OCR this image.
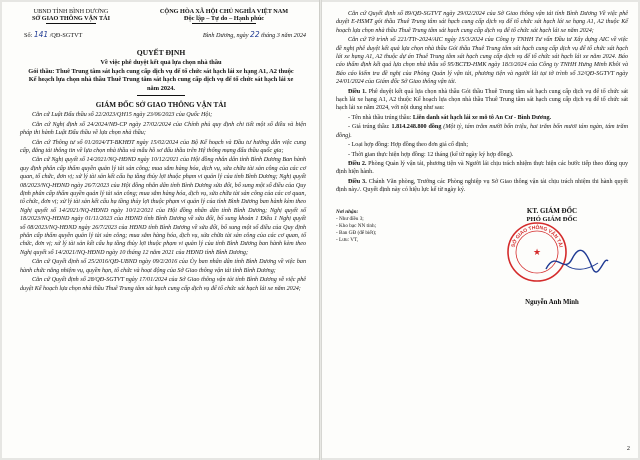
UBND TỈNH BÌNH DƯƠNG
SỞ GIAO THÔNG VẬN TẢI
CỘNG HÒA XÃ HỘI CHỦ NGHĨA VIỆT NAM
Độc lập – Tự do – Hạnh phúc
Số: 141 /QĐ-SGTVT	Bình Dương, ngày 22 tháng 3 năm 2024
QUYẾT ĐỊNH
Về việc phê duyệt kết quả lựa chọn nhà thầu
Gói thầu: Thuê Trung tâm sát hạch cung cấp dịch vụ để tổ chức sát hạch lái xe hạng A1, A2 thuộc Kế hoạch lựa chọn nhà thầu Thuê Trung tâm sát hạch cung cấp dịch vụ để tổ chức sát hạch lái xe năm 2024.
GIÁM ĐỐC SỞ GIAO THÔNG VẬN TẢI

Căn cứ Luật Đấu thầu số 22/2023/QH15 ngày 23/06/2023 của Quốc Hội;

Căn cứ Nghị định số 24/2024/NĐ-CP ngày 27/02/2024 của Chính phủ quy định chi tiết một số điều và biện pháp thi hành Luật Đấu thầu về lựa chọn nhà thầu;

Căn cứ Thông tư số 01/2024/TT-BKHĐT ngày 15/02/2024 của Bộ Kế hoạch và Đầu tư hướng dẫn việc cung cấp, đăng tải thông tin về lựa chọn nhà thầu và mẫu hồ sơ đấu thầu trên Hệ thống mạng đấu thầu quốc gia;

Căn cứ Nghị quyết số 14/2021/NQ-HĐND ngày 10/12/2021 của Hội đồng nhân dân tỉnh Bình Dương Ban hành quy định phân cấp thẩm quyền quản lý tài sản công; mua sắm hàng hóa, dịch vụ, sửa chữa tài sản công của các cơ quan, tổ chức, đơn vị; xử lý tài sản kết cấu hạ tầng thủy lợi thuộc phạm vi quản lý của tỉnh Bình Dương; Nghị quyết 08/2023/NQ-HĐND ngày 26/7/2023 của Hội đồng nhân dân tỉnh Bình Dương sửa đổi, bổ sung một số điều của Quy định phân cấp thẩm quyền quản lý tài sản công; mua sắm hàng hóa, dịch vụ, sửa chữa tài sản công của các cơ quan, tổ chức, đơn vị; xử lý tài sản kết cấu hạ tầng thủy lợi thuộc phạm vi quản lý của tỉnh Bình Dương ban hành kèm theo Nghị quyết số 14/2021/NQ-HĐND ngày 10/12/2021 của Hội đồng nhân dân tỉnh Bình Dương; Nghị quyết số 18/2023/NQ-HĐND ngày 01/11/2023 của HĐND tỉnh Bình Dương về sửa đổi, bổ sung khoản 1 Điều 1 Nghị quyết số 08/2023/NQ-HĐND ngày 26/7/2023 của HĐND tỉnh Bình Dương về sửa đổi, bổ sung một số điều của Quy định phân cấp thẩm quyền quản lý tài sản công; mua sắm hàng hóa, dịch vụ, sửa chữa tài sản công của các cơ quan, tổ chức, đơn vị; xử lý tài sản kết cấu hạ tầng thủy lợi thuộc phạm vi quản lý của tỉnh Bình Dương ban hành kèm theo Nghị quyết số 14/2021/NQ-HĐND ngày 10 tháng 12 năm 2021 của HĐND tỉnh Bình Dương;

Căn cứ Quyết định số 25/2016/QĐ-UBND ngày 09/2/2016 của Ủy ban nhân dân tỉnh Bình Dương về việc ban hành chức năng nhiệm vụ, quyền hạn, tổ chức và hoạt động của Sở Giao thông vận tải tỉnh Bình Dương;

Căn cứ Quyết định số 28/QĐ-SGTVT ngày 17/01/2024 của Sở Giao thông vận tải tỉnh Bình Dương về việc phê duyệt Kế hoạch lựa chọn nhà thầu Thuê Trung tâm sát hạch cung cấp dịch vụ để tổ chức sát hạch lái xe năm 2024;

Căn cứ Quyết định số 89/QĐ-SGTVT ngày 29/02/2024 của Sở Giao thông vận tải tỉnh Bình Dương Về việc phê duyệt E-HSMT gói thầu Thuê Trung tâm sát hạch cung cấp dịch vụ để tổ chức sát hạch lái xe hạng A1, A2 thuộc Kế hoạch lựa chọn nhà thầu Thuê Trung tâm sát hạch cung cấp dịch vụ để tổ chức sát hạch lái xe năm 2024;

Căn cứ Tờ trình số 221/TTr-2024/AIC ngày 15/3/2024 của Công ty TNHH Tư vấn Đầu tư Xây dựng AIC về việc đề nghị phê duyệt kết quả lựa chọn nhà thầu Gói thầu Thuê Trung tâm sát hạch cung cấp dịch vụ để tổ chức sát hạch lái xe hạng A1, A2 thuộc dự án Thuê Trung tâm sát hạch cung cấp dịch vụ để tổ chức sát hạch lái xe năm 2024. Báo cáo thẩm định kết quả lựa chọn nhà thầu số 95/BCTĐ-HMK ngày 18/3/2024 của Công ty TNHH Hưng Minh Khôi và Báo cáo kiểm tra đề nghị của Phòng Quản lý vận tải, phương tiện và người lái tại tờ trình số 32/QĐ-SGTVT ngày 24/01/2024 của Giám đốc Sở Giao thông vận tải.

Điều 1. Phê duyệt kết quả lựa chọn nhà thầu Gói thầu Thuê Trung tâm sát hạch cung cấp dịch vụ để tổ chức sát hạch lái xe hạng A1, A2 thuộc Kế hoạch lựa chọn nhà thầu Thuê Trung tâm sát hạch cung cấp dịch vụ để tổ chức sát hạch lái xe năm 2024, với nội dung như sau:

- Tên nhà thầu trúng thầu: Liên danh sát hạch lái xe mô tô An Cư - Bình Dương.
- Giá trúng thầu: 1.814.248.800 đồng (Một tỷ, tám trăm mười bốn triệu, hai trăm bốn mươi tám ngàn, tám trăm đồng).
- Loại hợp đồng: Hợp đồng theo đơn giá cố định;
- Thời gian thực hiện hợp đồng: 12 tháng (kể từ ngày ký hợp đồng).

Điều 2. Phòng Quản lý vận tải, phương tiện và Người lái chịu trách nhiệm thực hiện các bước tiếp theo đúng quy định hiện hành.

Điều 3. Chánh Văn phòng, Trưởng các Phòng nghiệp vụ Sở Giao thông vận tải chịu trách nhiệm thi hành quyết định này./. Quyết định này có hiệu lực kể từ ngày ký.

Nơi nhận:
- Như điều 3;
- Kho bạc NN tỉnh;
- Ban GĐ (để biết);
- Lưu: VT,
KT. GIÁM ĐỐC
PHÓ GIÁM ĐỐC
SỞ GIAO THÔNG VẬN TẢI
★
Nguyễn Anh Minh
2
